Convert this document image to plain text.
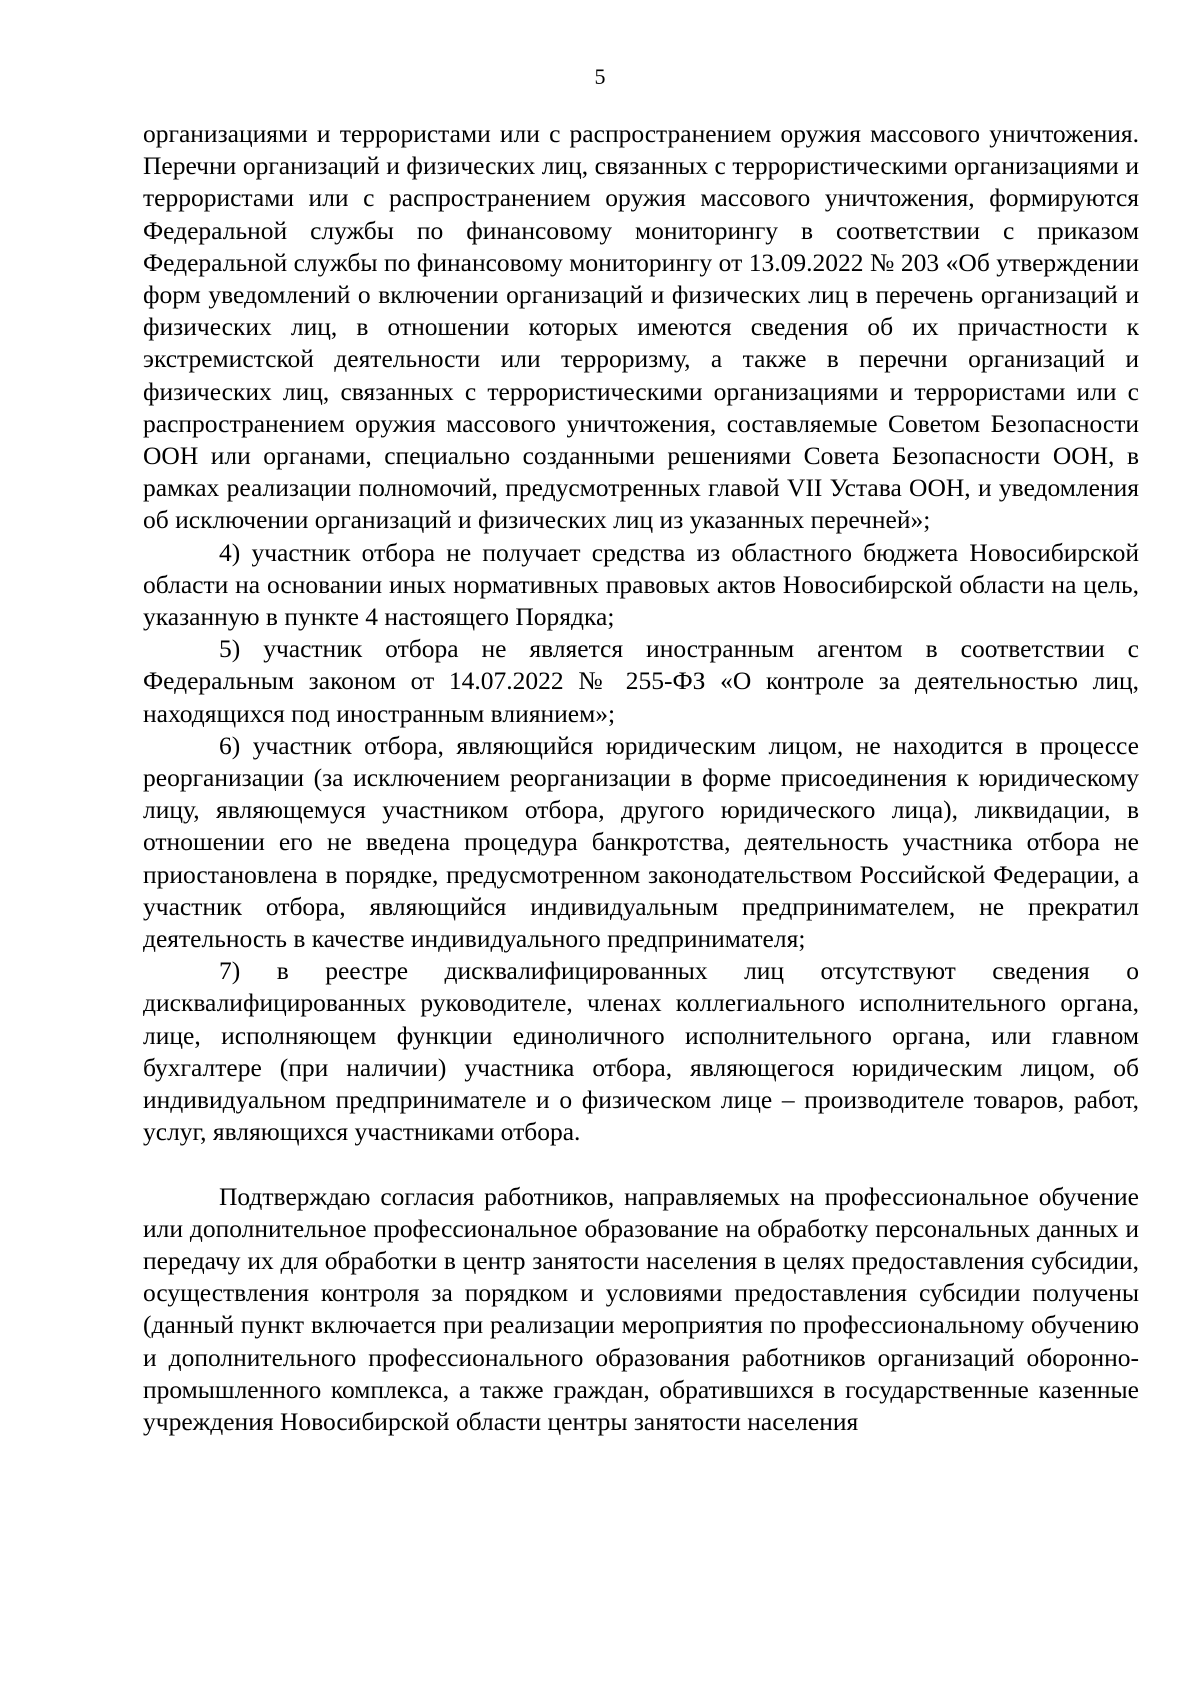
5

организациями и террористами или с распространением оружия массового уничтожения. Перечни организаций и физических лиц, связанных с террористическими организациями и террористами или с распространением оружия массового уничтожения, формируются Федеральной службы по финансовому мониторингу в соответствии с приказом Федеральной службы по финансовому мониторингу от 13.09.2022 № 203 «Об утверждении форм уведомлений о включении организаций и физических лиц в перечень организаций и физических лиц, в отношении которых имеются сведения об их причастности к экстремистской деятельности или терроризму, а также в перечни организаций и физических лиц, связанных с террористическими организациями и террористами или с распространением оружия массового уничтожения, составляемые Советом Безопасности ООН или органами, специально созданными решениями Совета Безопасности ООН, в рамках реализации полномочий, предусмотренных главой VII Устава ООН, и уведомления об исключении организаций и физических лиц из указанных перечней»;

4) участник отбора не получает средства из областного бюджета Новосибирской области на основании иных нормативных правовых актов Новосибирской области на цель, указанную в пункте 4 настоящего Порядка;

5) участник отбора не является иностранным агентом в соответствии с Федеральным законом от 14.07.2022 № 255-ФЗ «О контроле за деятельностью лиц, находящихся под иностранным влиянием»;

6) участник отбора, являющийся юридическим лицом, не находится в процессе реорганизации (за исключением реорганизации в форме присоединения к юридическому лицу, являющемуся участником отбора, другого юридического лица), ликвидации, в отношении его не введена процедура банкротства, деятельность участника отбора не приостановлена в порядке, предусмотренном законодательством Российской Федерации, а участник отбора, являющийся индивидуальным предпринимателем, не прекратил деятельность в качестве индивидуального предпринимателя;

7) в реестре дисквалифицированных лиц отсутствуют сведения о дисквалифицированных руководителе, членах коллегиального исполнительного органа, лице, исполняющем функции единоличного исполнительного органа, или главном бухгалтере (при наличии) участника отбора, являющегося юридическим лицом, об индивидуальном предпринимателе и о физическом лице – производителе товаров, работ, услуг, являющихся участниками отбора.

Подтверждаю согласия работников, направляемых на профессиональное обучение или дополнительное профессиональное образование на обработку персональных данных и передачу их для обработки в центр занятости населения в целях предоставления субсидии, осуществления контроля за порядком и условиями предоставления субсидии получены (данный пункт включается при реализации мероприятия по профессиональному обучению и дополнительного профессионального образования работников организаций оборонно-промышленного комплекса, а также граждан, обратившихся в государственные казенные учреждения Новосибирской области центры занятости населения
